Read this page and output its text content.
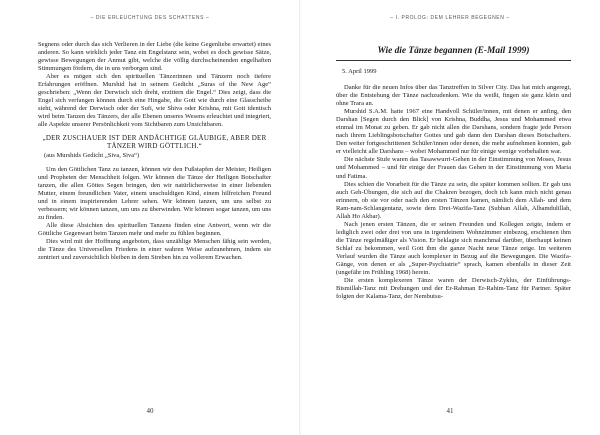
– DIE ERLEUCHTUNG DES SCHATTENS –

Segnens oder durch das sich Verlieren in der Liebe (die keine Gegenliebe erwartet) eines anderen. So kann wirklich jeder Tanz ein Engelstanz sein, wobei es doch gewisse Sätze, gewisse Bewegungen der Anmut gibt, welche die völlig durchscheinenden engelhaften Stimmungen fördern, die in uns verborgen sind.

Aber es mögen sich den spirituellen Tänzerinnen und Tänzern noch tiefere Erfahrungen eröffnen. Murshid hat in seinem Gedicht „Suras of the New Age“ geschrieben: „Wenn der Derwisch sich dreht, erzittern die Engel.“ Dies zeigt, dass die Engel sich verfangen können durch eine Hingabe, die Gott wie durch eine Glasscheibe sieht, während der Derwisch oder der Sufi, wie Shiva oder Krishna, mit Gott identisch wird beim Tanzen des Tänzers, der alle Ebenen unseres Wesens erleuchtet und integriert, alle Aspekte unserer Persönlichkeit vom Sichtbaren zum Unsichtbaren.

„DER ZUSCHAUER IST DER ANDÄCHTIGE GLÄUBIGE, ABER DER TÄNZER WIRD GÖTTLICH.“
(aus Murshids Gedicht „Siva, Siva“)

Um den Göttlichen Tanz zu tanzen, können wir den Fußstapfen der Meister, Heiligen und Propheten der Menschheit folgen. Wir können die Tänze der Heiligen Botschafter tanzen, die allen Göttes Segen bringen, den wir natürlicherweise in einer liebenden Mutter, einem freundlichen Vater, einem unschuldigen Kind, einem hilfreichen Freund und in einem inspirierenden Lehrer sehen. Wir können tanzen, um uns selbst zu verbessern; wir können tanzen, um uns zu überwinden. Wir können sogar tanzen, um uns zu finden.

Alle diese Absichten des spirituellen Tanzens finden eine Antwort, wenn wir die Göttliche Gegenwart beim Tanzen mehr und mehr zu fühlen beginnen.

Dies wird mit der Hoffnung angeboten, dass unzählige Menschen fähig sein werden, die Tänze des Universellen Friedens in einer wahren Weise aufzunehmen, indem sie zentriert und zuversichtlich bleiben in dem Streben hin zu vollerem Erwachen.

40
– I. PROLOG: DEM LEHRER BEGEGNEN –
Wie die Tänze begannen (E-Mail 1999)
5. April 1999

Danke für die neuen Infos über das Tanztreffen in Silver City. Das hat mich angeregt, über die Entstehung der Tänze nachzudenken. Wie du weißt, fingen sie ganz klein und ohne Trara an.

Murshid S.A.M. hatte 1967 eine Handvoll Schüler/innen, mit denen er anfing, den Darshan [Segen durch den Blick] von Krishna, Buddha, Jesus und Mohammed etwa einmal im Monat zu geben. Er gab nicht allen die Darshans, sondern fragte jede Person nach ihrem Lieblingsbotschafter Gottes und gab dann den Darshan dieses Botschafters. Den weiter fortgeschrittenen Schüler/innen oder denen, die mehr aufnehmen konnten, gab er vielleicht alle Darshans – wobei Mohammed nur für einige wenige vorbehalten war.

Die nächste Stufe waren das Tasawwurri-Gehen in der Einstimmung von Moses, Jesus und Mohammed – und für einige der Frauen das Gehen in der Einstimmung von Maria und Fatima.

Dies schien die Vorarbeit für die Tänze zu sein, die später kommen sollten. Er gab uns auch Geh-Übungen, die sich auf die Chakren bezogen, doch ich kann mich nicht genau erinnern, ob sie vor oder nach den ersten Tänzen kamen, nämlich dem Allah- und dem Ram-nam-Schlangentanz, sowie dem Drei-Wazifa-Tanz (Subhan Allah, Alhamdulillah, Allah Ho Akbar).

Nach jenen ersten Tänzen, die er seinen Freunden und Kollegen zeigte, indem er lediglich zwei oder drei von uns in irgendeinem Wohnzimmer einbezog, erschienen ihm die Tänze regelmäßiger als Vision. Er beklagte sich manchmal darüber, überhaupt keinen Schlaf zu bekommen, weil Gott ihm die ganze Nacht neue Tänze zeige. Im weiteren Verlauf wurden die Tänze auch komplexer in Bezug auf die Bewegungen. Die Wazifa-Gänge, von denen er als „Super-Psychiatrie“ sprach, kamen ebenfalls in dieser Zeit (ungefähr im Frühling 1968) herein.

Die ersten komplexeren Tänze waren der Derwisch-Zyklus, der Einführungs-Bismillah-Tanz mit Drehungen und der Er-Rahman Er-Rahim-Tanz für Partner. Später folgten der Kalama-Tanz, der Nembutsu-

41
